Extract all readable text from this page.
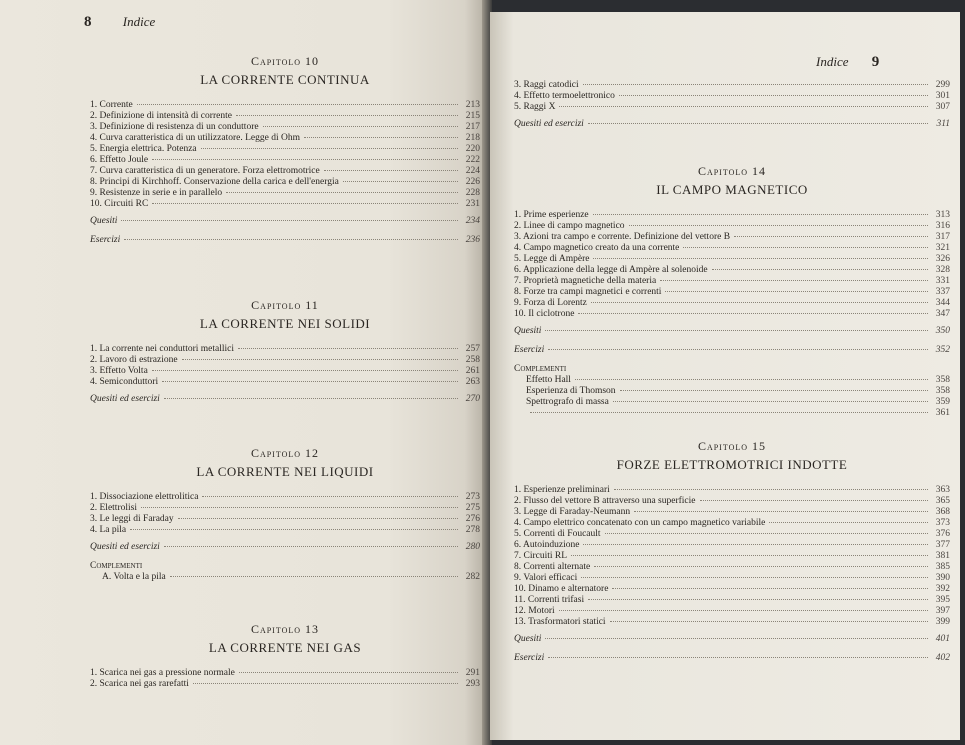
8 Indice
Capitolo 10
LA CORRENTE CONTINUA
1. Corrente	213
2. Definizione di intensità di corrente	215
3. Definizione di resistenza di un conduttore	217
4. Curva caratteristica di un utilizzatore. Legge di Ohm	218
5. Energia elettrica. Potenza	220
6. Effetto Joule	222
7. Curva caratteristica di un generatore. Forza elettromotrice	224
8. Principi di Kirchhoff. Conservazione della carica e dell'energia	226
9. Resistenze in serie e in parallelo	228
10. Circuiti RC	231
Quesiti	234
Esercizi	236
Capitolo 11
LA CORRENTE NEI SOLIDI
1. La corrente nei conduttori metallici	257
2. Lavoro di estrazione	258
3. Effetto Volta	261
4. Semiconduttori	263
Quesiti ed esercizi	270
Capitolo 12
LA CORRENTE NEI LIQUIDI
1. Dissociazione elettrolitica	273
2. Elettrolisi	275
3. Le leggi di Faraday	276
4. La pila	278
Quesiti ed esercizi	280
Complementi
A. Volta e la pila	282
Capitolo 13
LA CORRENTE NEI GAS
1. Scarica nei gas a pressione normale	291
2. Scarica nei gas rarefatti	293
Indice 9
3. Raggi catodici	299
4. Effetto termoelettronico	301
5. Raggi X	307
Quesiti ed esercizi	311
Capitolo 14
IL CAMPO MAGNETICO
1. Prime esperienze	313
2. Linee di campo magnetico	316
3. Azioni tra campo e corrente. Definizione del vettore B	317
4. Campo magnetico creato da una corrente	321
5. Legge di Ampère	326
6. Applicazione della legge di Ampère al solenoide	328
7. Proprietà magnetiche della materia	331
8. Forze tra campi magnetici e correnti	337
9. Forza di Lorentz	344
10. Il ciclotrone	347
Quesiti	350
Esercizi	352
Complementi
Effetto Hall	358
Esperienza di Thomson	358
Spettrografo di massa	359
361
Capitolo 15
FORZE ELETTROMOTRICI INDOTTE
1. Esperienze preliminari	363
2. Flusso del vettore B attraverso una superficie	365
3. Legge di Faraday-Neumann	368
4. Campo elettrico concatenato con un campo magnetico variabile	373
5. Correnti di Foucault	376
6. Autoinduzione	377
7. Circuiti RL	381
8. Correnti alternate	385
9. Valori efficaci	390
10. Dinamo e alternatore	392
11. Correnti trifasi	395
12. Motori	397
13. Trasformatori statici	399
Quesiti	401
Esercizi	402
